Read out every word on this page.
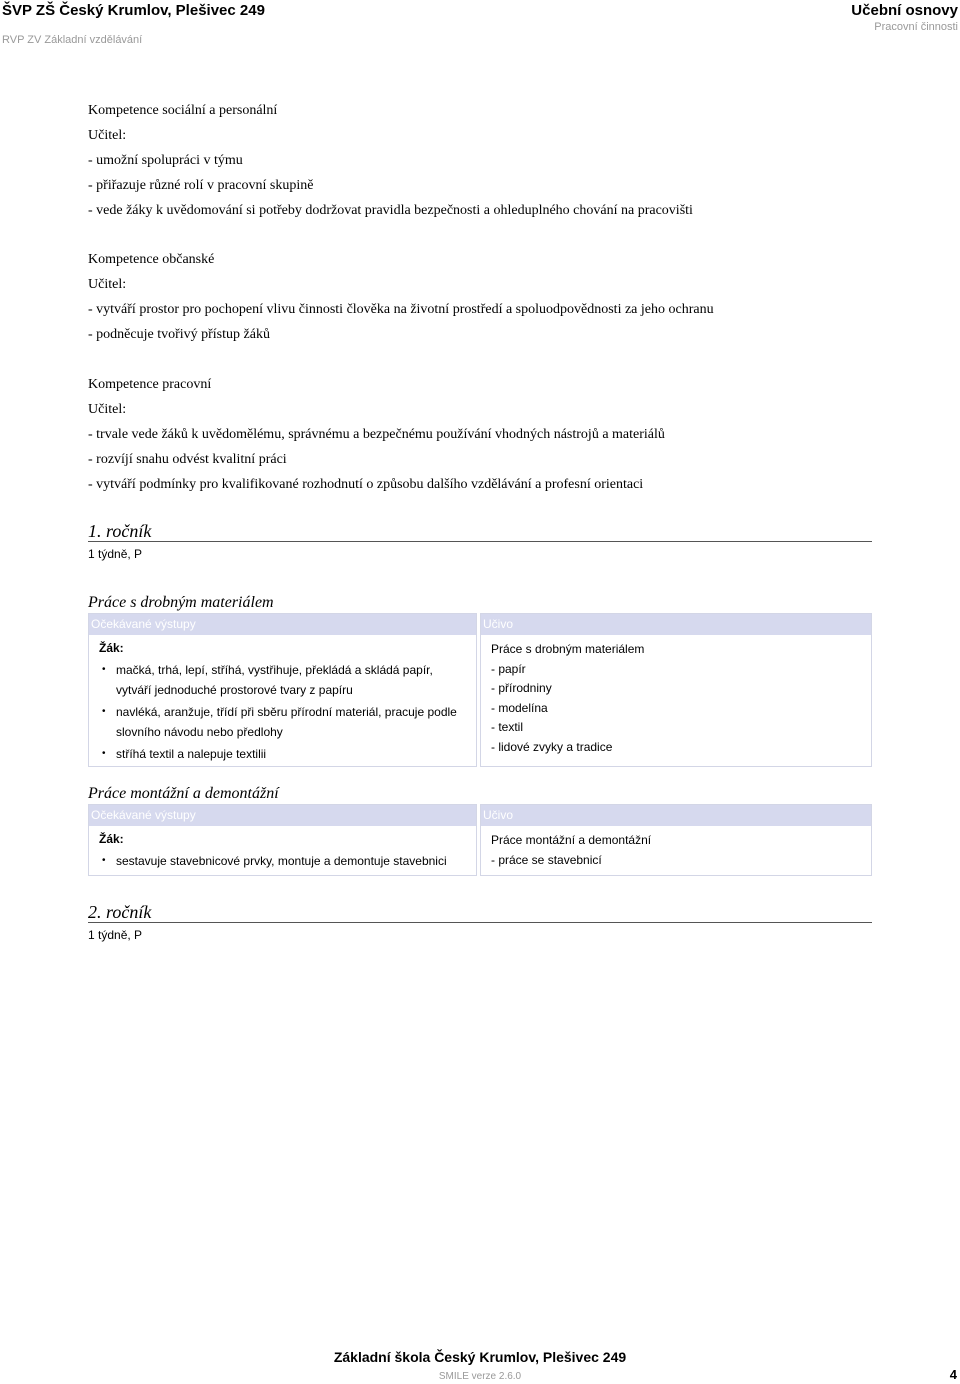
ŠVP ZŠ Český Krumlov, Plešivec 249
RVP ZV Základní vzdělávání
Učební osnovy
Pracovní činnosti
Kompetence sociální a personální
Učitel:
- umožní spolupráci v týmu
- přiřazuje různé rolí v pracovní skupině
- vede žáky k uvědomování si potřeby dodržovat pravidla bezpečnosti a ohleduplného chování na pracovišti
Kompetence občanské
Učitel:
- vytváří prostor pro pochopení vlivu činnosti člověka na životní prostředí a spoluodpovědnosti za jeho ochranu
- podněcuje tvořivý přístup žáků
Kompetence pracovní
Učitel:
- trvale vede žáků k uvědomělému, správnému a bezpečnému používání vhodných nástrojů a materiálů
- rozvíjí snahu odvést kvalitní práci
- vytváří podmínky pro kvalifikované rozhodnutí o způsobu dalšího vzdělávání a profesní orientaci
1. ročník
1 týdně, P
Práce s drobným materiálem
Očekávané výstupy
Žák:
• mačká, trhá, lepí, stříhá, vystřihuje, překládá a skládá papír,
vytváří jednoduché prostorové tvary z papíru
• navléká, aranžuje, třídí při sběru přírodní materiál, pracuje podle
slovního návodu nebo předlohy
• stříhá textil a nalepuje textilii
Učivo
Práce s drobným materiálem
- papír
- přírodniny
- modelína
- textil
- lidové zvyky a tradice
Práce montážní a demontážní
Očekávané výstupy
Žák:
• sestavuje stavebnicové prvky, montuje a demontuje stavebnici
Učivo
Práce montážní a demontážní
- práce se stavebnicí
2. ročník
1 týdně, P
Základní škola Český Krumlov, Plešivec 249
SMILE verze 2.6.0	4
